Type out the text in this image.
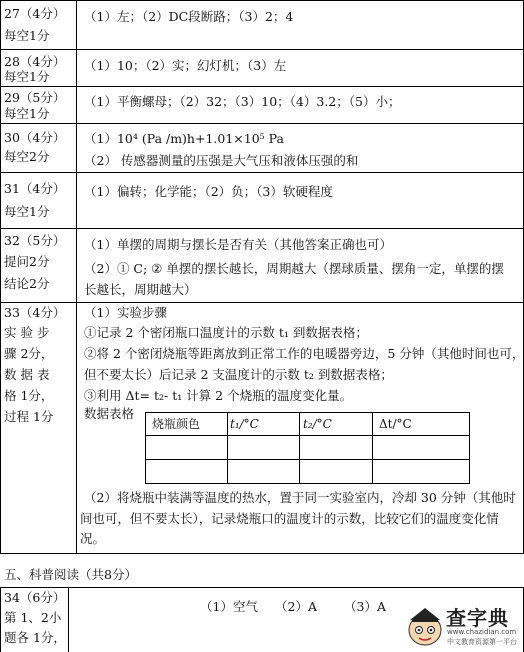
27（4分）
每空1分
（1）左；（2）DC段断路；（3）2；4
28（4分）
每空1分
（1）10；（2）实；幻灯机；（3）左
29（5分）
每空1分
（1）平衡螺母；（2）32；（3）10；（4）3.2；（5）小；
30（4分）
每空2分
（1）10⁴ (Pa /m)h+1.01×10⁵ Pa
（2） 传感器测量的压强是大气压和液体压强的和
31（4分）
每空1分
（1）偏转；化学能；（2）负；（3）软硬程度
32（5分）
提问2分
结论2分
（1）单摆的周期与摆长是否有关（其他答案正确也可）
（2）① C; ② 单摆的摆长越长，周期越大（摆球质量、摆角一定，单摆的摆
长越长，周期越大）
33（4分）
实 验 步
骤 2分，
数 据 表
格 1分，
过程 1分
（1）实验步骤
①记录 2 个密闭瓶口温度计的示数 t₁ 到数据表格；
②将 2 个密闭烧瓶等距离放到正常工作的电暖器旁边，5 分钟（其他时间也可，
但不要太长）后记录 2 支温度计的示数 t₂ 到数据表格；
③利用 Δt= t₂- t₁ 计算 2 个烧瓶的温度变化量。
数据表格
烧瓶颜色 t₁/°C	t₂/°C	Δt/°C
（2）将烧瓶中装满等温度的热水，置于同一实验室内，冷却 30 分钟（其他时
间也可，但不要太长），记录烧瓶口的温度计的示数，比较它们的温度变化情
况。
五、科普阅读（共8分）
34（6分）
第 1、2小
题各 1分，
（1）空气 （2）A （3）A	查字典
www.chazidian.com
中文教育资源第一平台
